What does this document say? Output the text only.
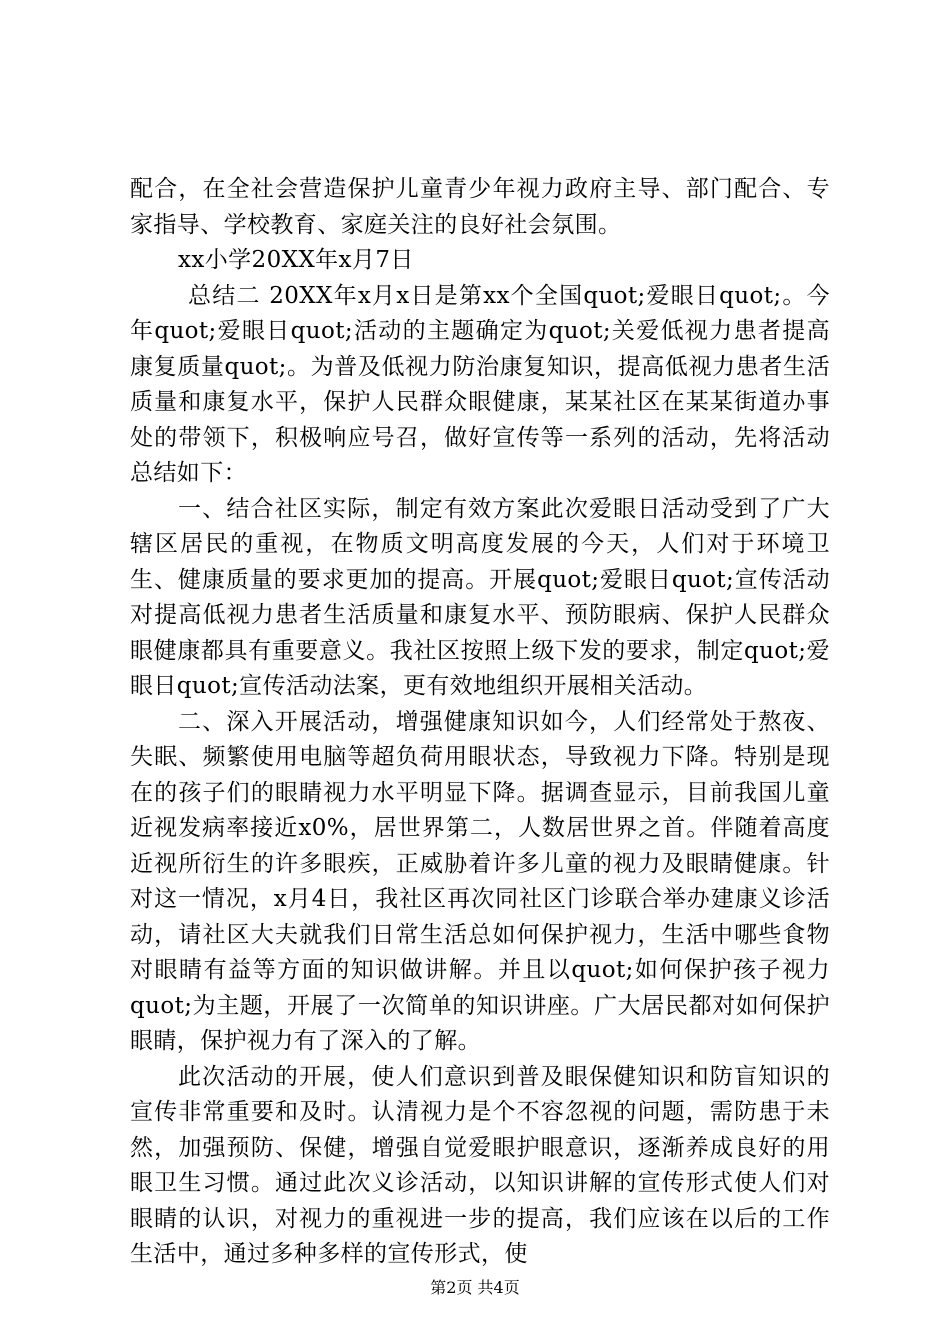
配合，在全社会营造保护儿童青少年视力政府主导、部门配合、专家指导、学校教育、家庭关注的良好社会氛围。

xx小学20XX年x月7日

总结二 20XX年x月x日是第xx个全国quot;爱眼日quot;。今年quot;爱眼日quot;活动的主题确定为quot;关爱低视力患者提高康复质量quot;。为普及低视力防治康复知识，提高低视力患者生活质量和康复水平，保护人民群众眼健康，某某社区在某某街道办事处的带领下，积极响应号召，做好宣传等一系列的活动，先将活动总结如下：

一、结合社区实际，制定有效方案此次爱眼日活动受到了广大辖区居民的重视，在物质文明高度发展的今天，人们对于环境卫生、健康质量的要求更加的提高。开展quot;爱眼日quot;宣传活动对提高低视力患者生活质量和康复水平、预防眼病、保护人民群众眼健康都具有重要意义。我社区按照上级下发的要求，制定quot;爱眼日quot;宣传活动法案，更有效地组织开展相关活动。

二、深入开展活动，增强健康知识如今，人们经常处于熬夜、失眠、频繁使用电脑等超负荷用眼状态，导致视力下降。特别是现在的孩子们的眼睛视力水平明显下降。据调查显示，目前我国儿童近视发病率接近x0%，居世界第二，人数居世界之首。伴随着高度近视所衍生的许多眼疾，正威胁着许多儿童的视力及眼睛健康。针对这一情况，x月4日，我社区再次同社区门诊联合举办建康义诊活动，请社区大夫就我们日常生活总如何保护视力，生活中哪些食物对眼睛有益等方面的知识做讲解。并且以quot;如何保护孩子视力quot;为主题，开展了一次简单的知识讲座。广大居民都对如何保护眼睛，保护视力有了深入的了解。

此次活动的开展，使人们意识到普及眼保健知识和防盲知识的宣传非常重要和及时。认清视力是个不容忽视的问题，需防患于未然，加强预防、保健，增强自觉爱眼护眼意识，逐渐养成良好的用眼卫生习惯。通过此次义诊活动，以知识讲解的宣传形式使人们对眼睛的认识，对视力的重视进一步的提高，我们应该在以后的工作生活中，通过多种多样的宣传形式，使

第2页 共4页
